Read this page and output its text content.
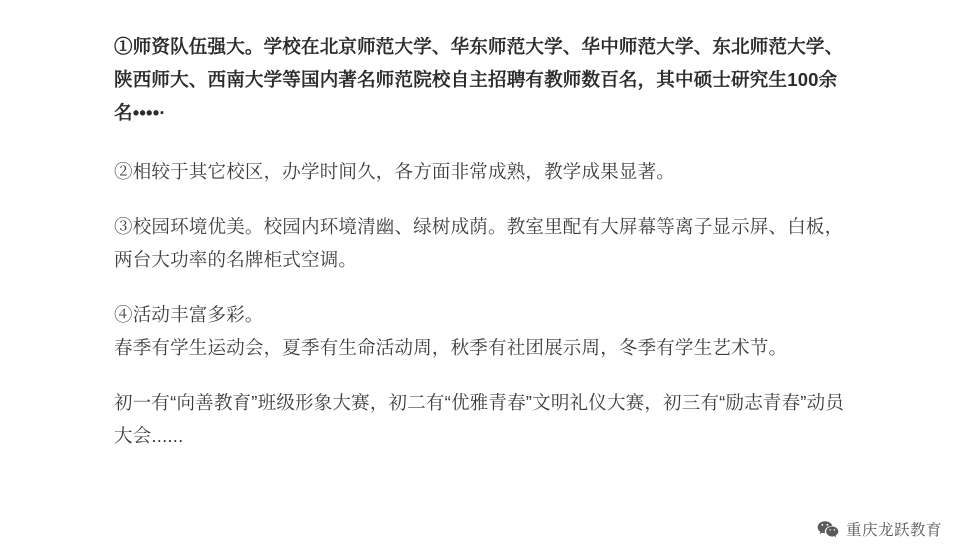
①师资队伍强大。学校在北京师范大学、华东师范大学、华中师范大学、东北师范大学、陕西师大、西南大学等国内著名师范院校自主招聘有教师数百名，其中硕士研究生100余名••••·

②相较于其它校区，办学时间久，各方面非常成熟，教学成果显著。

③校园环境优美。校园内环境清幽、绿树成荫。教室里配有大屏幕等离子显示屏、白板，两台大功率的名牌柜式空调。

④活动丰富多彩。

春季有学生运动会，夏季有生命活动周，秋季有社团展示周，冬季有学生艺术节。

初一有“向善教育”班级形象大赛，初二有“优雅青春”文明礼仪大赛，初三有“励志青春”动员大会......

重庆龙跃教育
